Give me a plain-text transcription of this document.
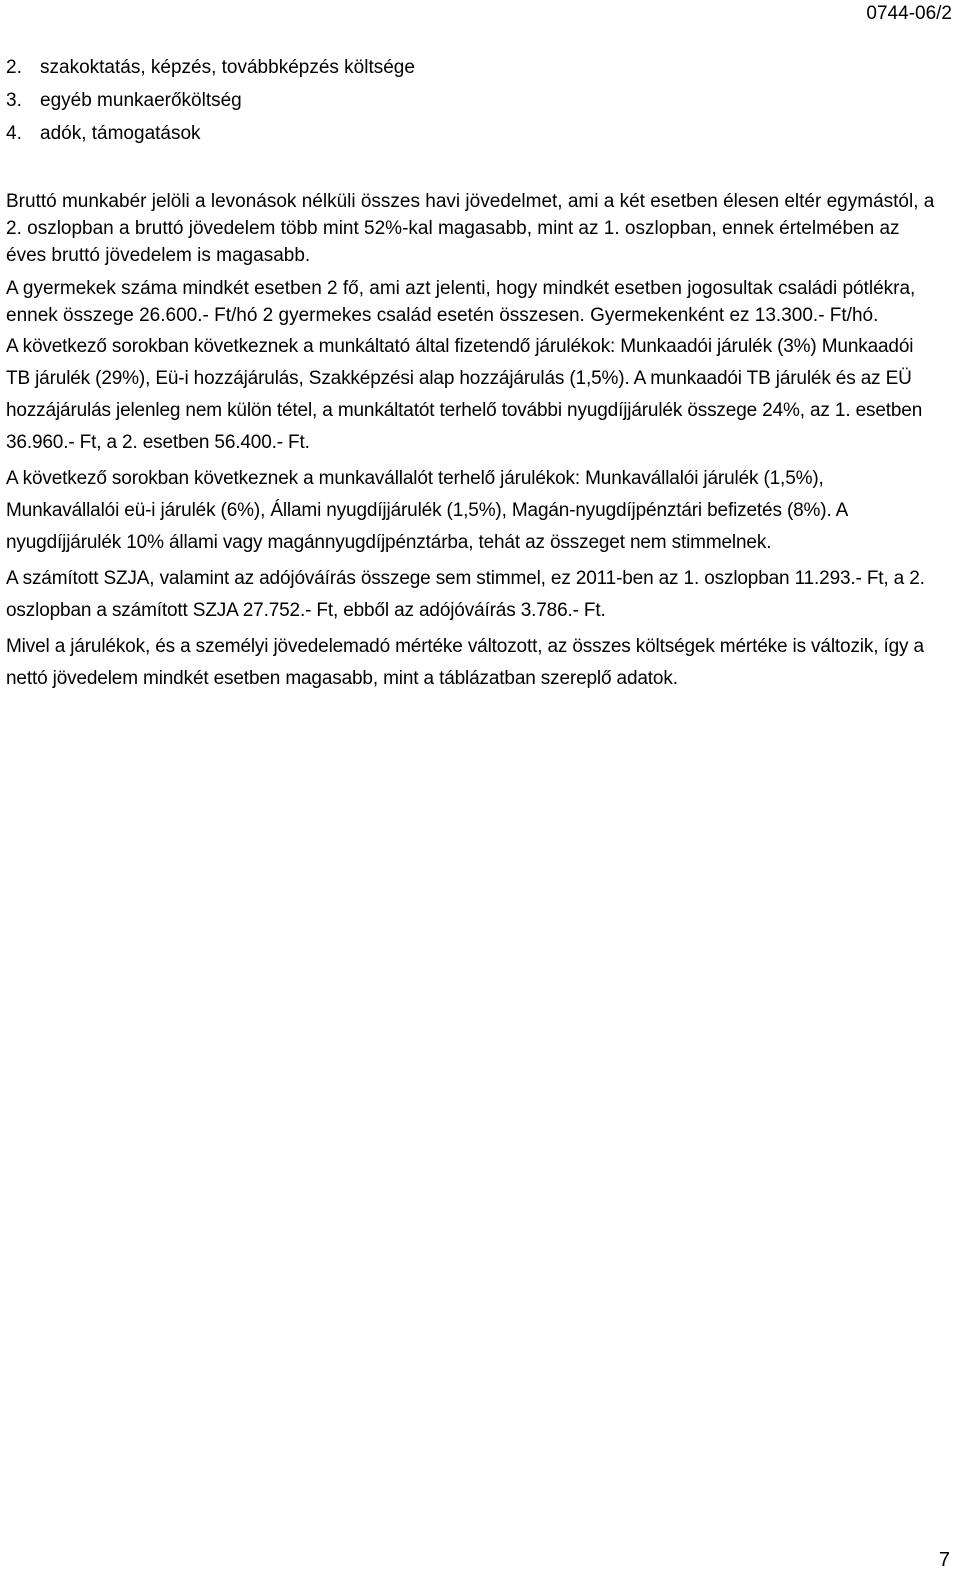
0744-06/2
2. szakoktatás, képzés, továbbképzés költsége
3. egyéb munkaerőköltség
4. adók, támogatások

Bruttó munkabér jelöli a levonások nélküli összes havi jövedelmet, ami a két esetben élesen eltér egymástól, a 2. oszlopban a bruttó jövedelem több mint 52%-kal magasabb, mint az 1. oszlopban, ennek értelmében az éves bruttó jövedelem is magasabb.

A gyermekek száma mindkét esetben 2 fő, ami azt jelenti, hogy mindkét esetben jogosultak családi pótlékra, ennek összege 26.600.- Ft/hó 2 gyermekes család esetén összesen. Gyermekenként ez 13.300.- Ft/hó.

A következő sorokban következnek a munkáltató által fizetendő járulékok: Munkaadói járulék (3%) Munkaadói TB járulék (29%), Eü-i hozzájárulás, Szakképzési alap hozzájárulás (1,5%). A munkaadói TB járulék és az EÜ hozzájárulás jelenleg nem külön tétel, a munkáltatót terhelő további nyugdíjjárulék összege 24%, az 1. esetben 36.960.- Ft, a 2. esetben 56.400.- Ft.

A következő sorokban következnek a munkavállalót terhelő járulékok: Munkavállalói járulék (1,5%), Munkavállalói eü-i járulék (6%), Állami nyugdíjjárulék (1,5%), Magán-nyugdíjpénztári befizetés (8%). A nyugdíjjárulék 10% állami vagy magánnyugdíjpénztárba, tehát az összeget nem stimmelnek.

A számított SZJA, valamint az adójóváírás összege sem stimmel, ez 2011-ben az 1. oszlopban 11.293.- Ft, a 2. oszlopban a számított SZJA 27.752.- Ft, ebből az adójóváírás 3.786.- Ft.

Mivel a járulékok, és a személyi jövedelemadó mértéke változott, az összes költségek mértéke is változik, így a nettó jövedelem mindkét esetben magasabb, mint a táblázatban szereplő adatok.

7
